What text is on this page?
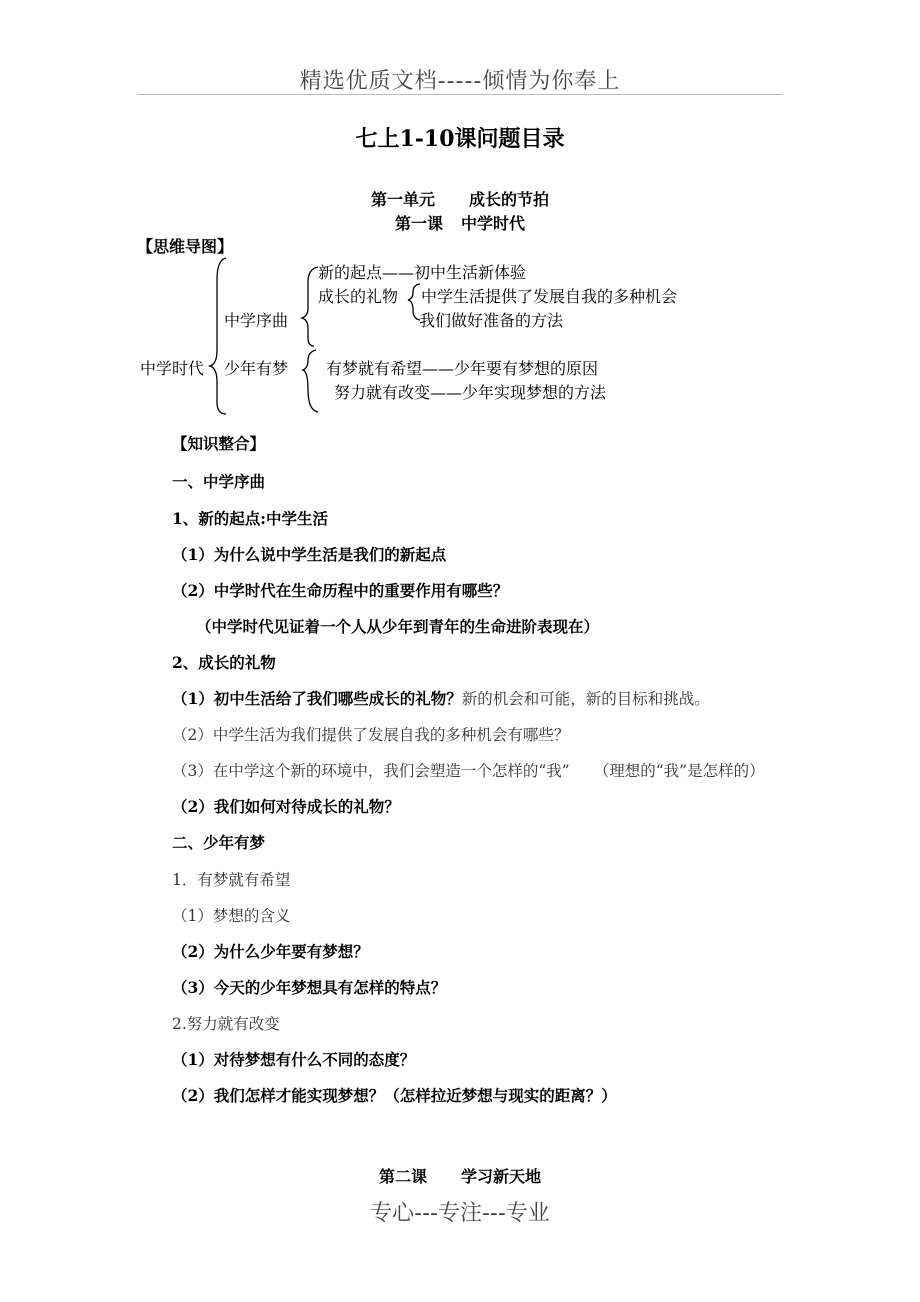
精选优质文档-----倾情为你奉上
七上1-10课问题目录
第一单元 成长的节拍
第一课 中学时代
【思维导图】
中学时代
中学序曲
少年有梦
新的起点——初中生活新体验
成长的礼物 中学生活提供了发展自我的多种机会
我们做好准备的方法
有梦就有希望——少年要有梦想的原因
努力就有改变——少年实现梦想的方法
【知识整合】
一、中学序曲
1、新的起点:中学生活
（1）为什么说中学生活是我们的新起点
（2）中学时代在生命历程中的重要作用有哪些？
（中学时代见证着一个人从少年到青年的生命进阶表现在）
2、成长的礼物
（1）初中生活给了我们哪些成长的礼物？新的机会和可能，新的目标和挑战。
（2）中学生活为我们提供了发展自我的多种机会有哪些？
（3）在中学这个新的环境中，我们会塑造一个怎样的“我” （理想的“我”是怎样的）
（2）我们如何对待成长的礼物？
二、少年有梦
1．有梦就有希望
（1）梦想的含义
（2）为什么少年要有梦想？
（3）今天的少年梦想具有怎样的特点？
2.努力就有改变
（1）对待梦想有什么不同的态度？
（2）我们怎样才能实现梦想？（怎样拉近梦想与现实的距离？）
第二课 学习新天地
专心---专注---专业
